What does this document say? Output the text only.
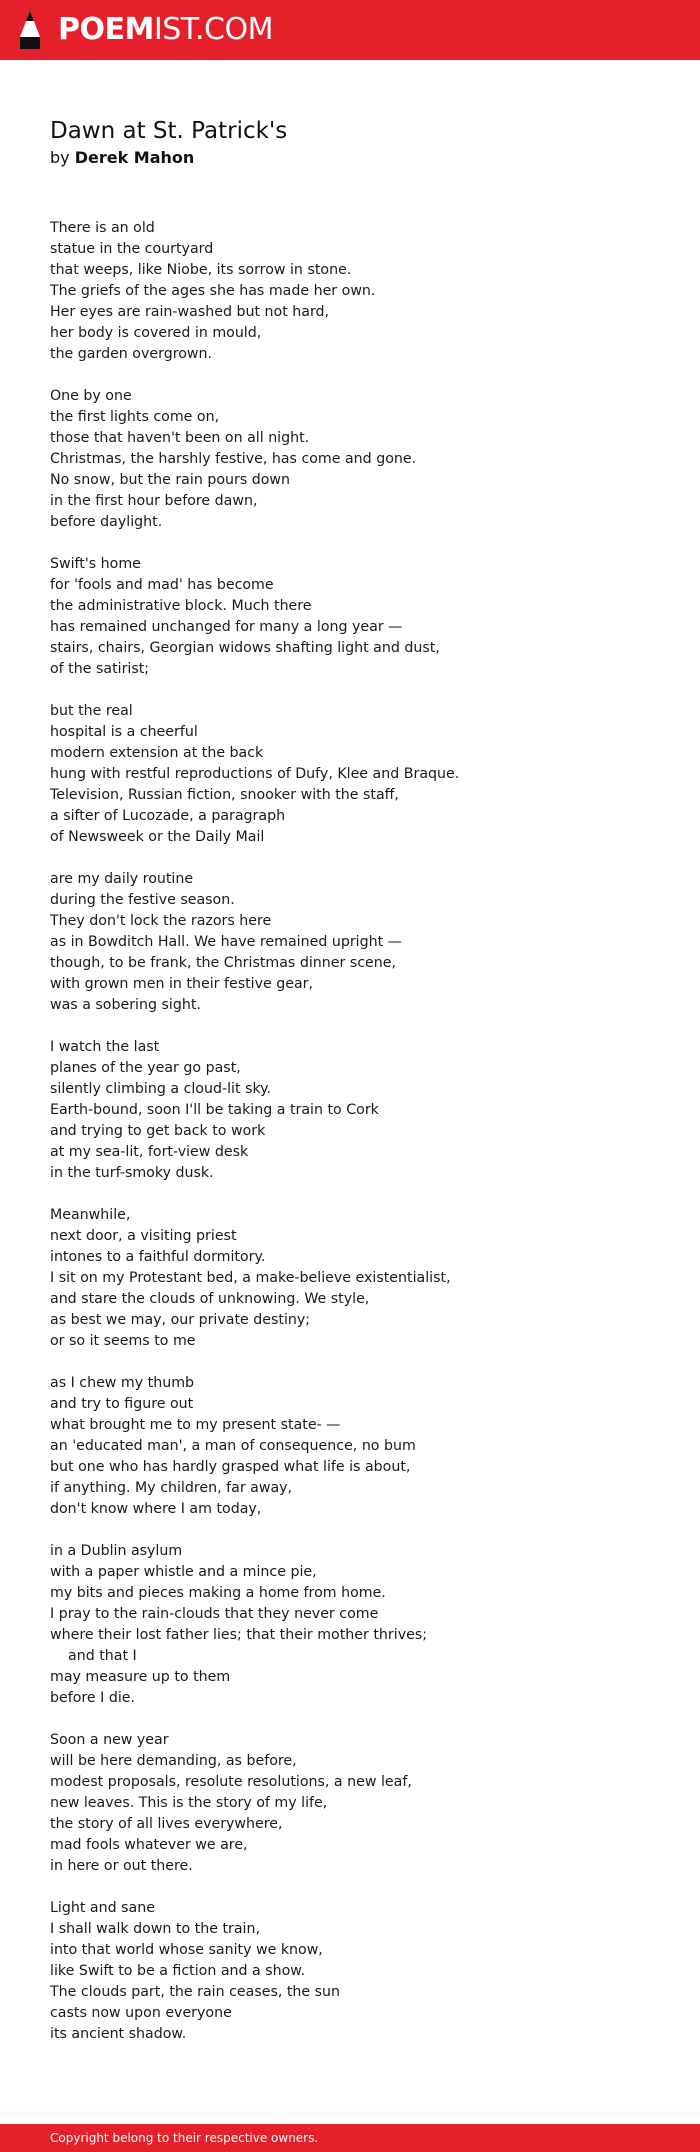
POEMIST.COM
Dawn at St. Patrick's
by Derek Mahon
There is an old
statue in the courtyard
that weeps, like Niobe, its sorrow in stone.
The griefs of the ages she has made her own.
Her eyes are rain-washed but not hard,
her body is covered in mould,
the garden overgrown.
One by one
the first lights come on,
those that haven't been on all night.
Christmas, the harshly festive, has come and gone.
No snow, but the rain pours down
in the first hour before dawn,
before daylight.
Swift's home
for 'fools and mad' has become
the administrative block. Much there
has remained unchanged for many a long year —
stairs, chairs, Georgian widows shafting light and dust,
of the satirist;
but the real
hospital is a cheerful
modern extension at the back
hung with restful reproductions of Dufy, Klee and Braque.
Television, Russian fiction, snooker with the staff,
a sifter of Lucozade, a paragraph
of Newsweek or the Daily Mail
are my daily routine
during the festive season.
They don't lock the razors here
as in Bowditch Hall. We have remained upright —
though, to be frank, the Christmas dinner scene,
with grown men in their festive gear,
was a sobering sight.
I watch the last
planes of the year go past,
silently climbing a cloud-lit sky.
Earth-bound, soon I'll be taking a train to Cork
and trying to get back to work
at my sea-lit, fort-view desk
in the turf-smoky dusk.
Meanwhile,
next door, a visiting priest
intones to a faithful dormitory.
I sit on my Protestant bed, a make-believe existentialist,
and stare the clouds of unknowing. We style,
as best we may, our private destiny;
or so it seems to me
as I chew my thumb
and try to figure out
what brought me to my present state- —
an 'educated man', a man of consequence, no bum
but one who has hardly grasped what life is about,
if anything. My children, far away,
don't know where I am today,
in a Dublin asylum
with a paper whistle and a mince pie,
my bits and pieces making a home from home.
I pray to the rain-clouds that they never come
where their lost father lies; that their mother thrives;
and that I
may measure up to them
before I die.
Soon a new year
will be here demanding, as before,
modest proposals, resolute resolutions, a new leaf,
new leaves. This is the story of my life,
the story of all lives everywhere,
mad fools whatever we are,
in here or out there.
Light and sane
I shall walk down to the train,
into that world whose sanity we know,
like Swift to be a fiction and a show.
The clouds part, the rain ceases, the sun
casts now upon everyone
its ancient shadow.
Copyright belong to their respective owners.
